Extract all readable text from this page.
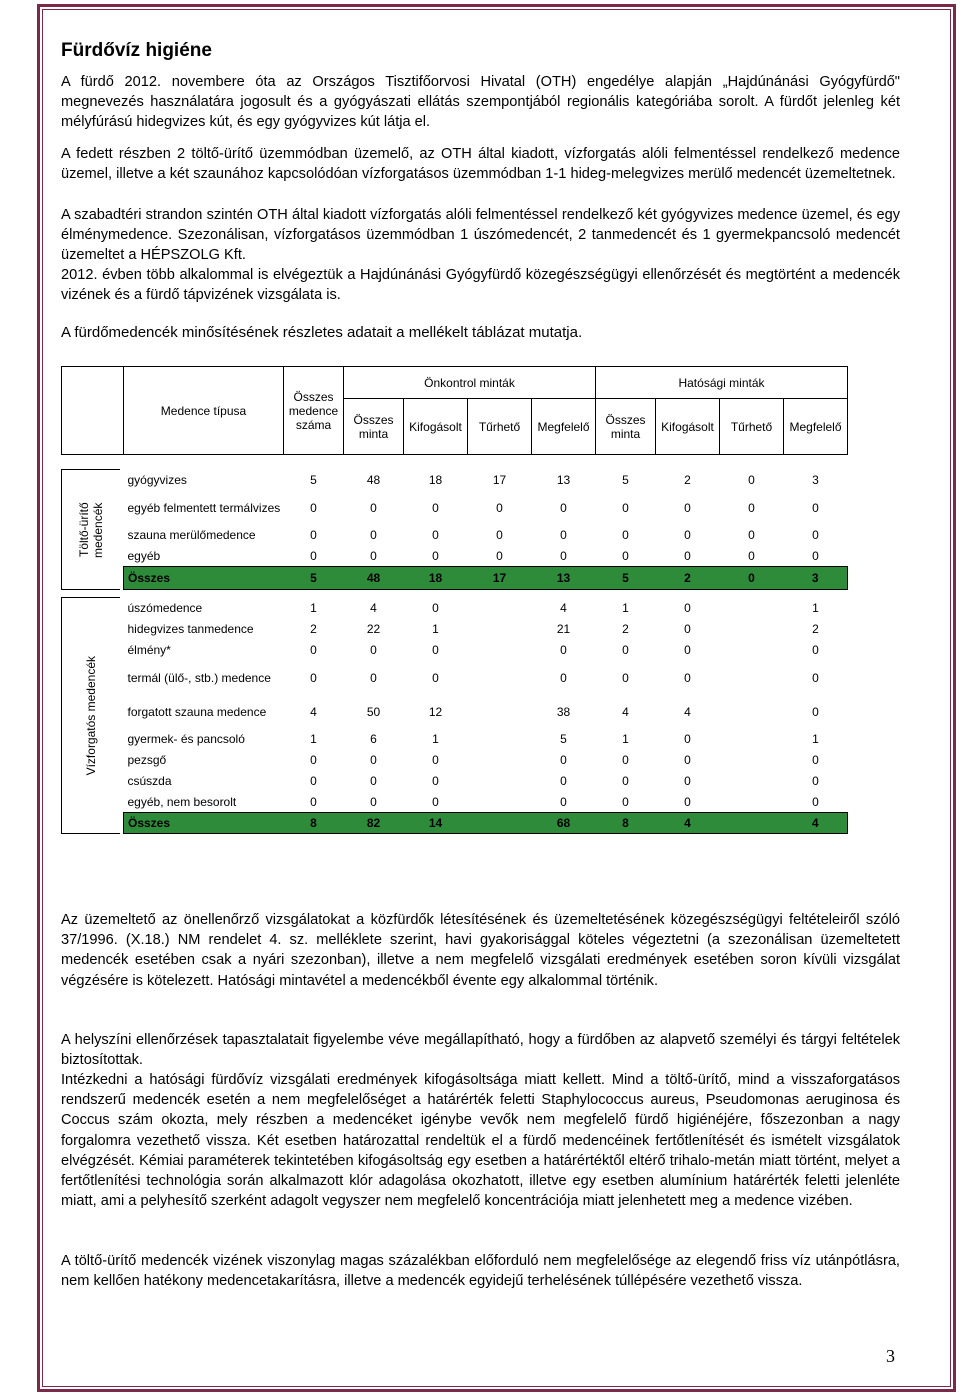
Fürdővíz higiéne

A fürdő 2012. novembere óta az Országos Tisztifőorvosi Hivatal (OTH) engedélye alapján „Hajdúnánási Gyógyfürdő" megnevezés használatára jogosult és a gyógyászati ellátás szempontjából regionális kategóriába sorolt. A fürdőt jelenleg két mélyfúrású hidegvizes kút, és egy gyógyvizes kút látja el.

A fedett részben 2 töltő-ürítő üzemmódban üzemelő, az OTH által kiadott, vízforgatás alóli felmentéssel rendelkező medence üzemel, illetve a két szaunához kapcsolódóan vízforgatásos üzemmódban 1-1 hideg-melegvizes merülő medencét üzemeltetnek.

A szabadtéri strandon szintén OTH által kiadott vízforgatás alóli felmentéssel rendelkező két gyógyvizes medence üzemel, és egy élménymedence. Szezonálisan, vízforgatásos üzemmódban 1 úszómedencét, 2 tanmedencét és 1 gyermekpancsoló medencét üzemeltet a HÉPSZOLG Kft.

2012. évben több alkalommal is elvégeztük a Hajdúnánási Gyógyfürdő közegészségügyi ellenőrzését és megtörtént a medencék vizének és a fürdő tápvizének vizsgálata is.

A fürdőmedencék minősítésének részletes adatait a mellékelt táblázat mutatja.

		Medence típusa	Összes medence száma	Önkontrol minták				Hatósági minták			
				Összes minta	Kifogásolt	Tűrhető	Megfelelő	Összes minta	Kifogásolt	Tűrhető	Megfelelő

Töltő-ürítő medencék		gyógyvizes	5	48	18	17	13	5	2	0	3
		egyéb felmentett termálvizes	0	0	0	0	0	0	0	0	0
		szauna merülőmedence	0	0	0	0	0	0	0	0	0
		egyéb	0	0	0	0	0	0	0	0	0
		Összes	5	48	18	17	13	5	2	0	3

Vízforgatós medencék		úszómedence	1	4	0		4	1	0		1
		hidegvizes tanmedence	2	22	1		21	2	0		2
		élmény*	0	0	0		0	0	0		0
		termál (ülő-, stb.) medence	0	0	0		0	0	0		0
		forgatott szauna medence	4	50	12		38	4	4		0
		gyermek- és pancsoló	1	6	1		5	1	0		1
		pezsgő	0	0	0		0	0	0		0
		csúszda	0	0	0		0	0	0		0
		egyéb, nem besorolt	0	0	0		0	0	0		0
		Összes	8	82	14		68	8	4		4

Az üzemeltető az önellenőrző vizsgálatokat a közfürdők létesítésének és üzemeltetésének közegészségügyi feltételeiről szóló 37/1996. (X.18.) NM rendelet 4. sz. melléklete szerint, havi gyakorisággal köteles végeztetni (a szezonálisan üzemeltetett medencék esetében csak a nyári szezonban), illetve a nem megfelelő vizsgálati eredmények esetében soron kívüli vizsgálat végzésére is kötelezett. Hatósági mintavétel a medencékből évente egy alkalommal történik.

A helyszíni ellenőrzések tapasztalatait figyelembe véve megállapítható, hogy a fürdőben az alapvető személyi és tárgyi feltételek biztosítottak.

Intézkedni a hatósági fürdővíz vizsgálati eredmények kifogásoltsága miatt kellett. Mind a töltő-ürítő, mind a visszaforgatásos rendszerű medencék esetén a nem megfelelőséget a határérték feletti Staphylococcus aureus, Pseudomonas aeruginosa és Coccus szám okozta, mely részben a medencéket igénybe vevők nem megfelelő fürdő higiénéjére, főszezonban a nagy forgalomra vezethető vissza. Két esetben határozattal rendeltük el a fürdő medencéinek fertőtlenítését és ismételt vizsgálatok elvégzését. Kémiai paraméterek tekintetében kifogásoltság egy esetben a határértéktől eltérő trihalo-metán miatt történt, melyet a fertőtlenítési technológia során alkalmazott klór adagolása okozhatott, illetve egy esetben alumínium határérték feletti jelenléte miatt, ami a pelyhesítő szerként adagolt vegyszer nem megfelelő koncentrációja miatt jelenhetett meg a medence vizében.

A töltő-ürítő medencék vizének viszonylag magas százalékban előforduló nem megfelelősége az elegendő friss víz utánpótlásra, nem kellően hatékony medencetakarításra, illetve a medencék egyidejű terhelésének túllépésére vezethető vissza.

3
